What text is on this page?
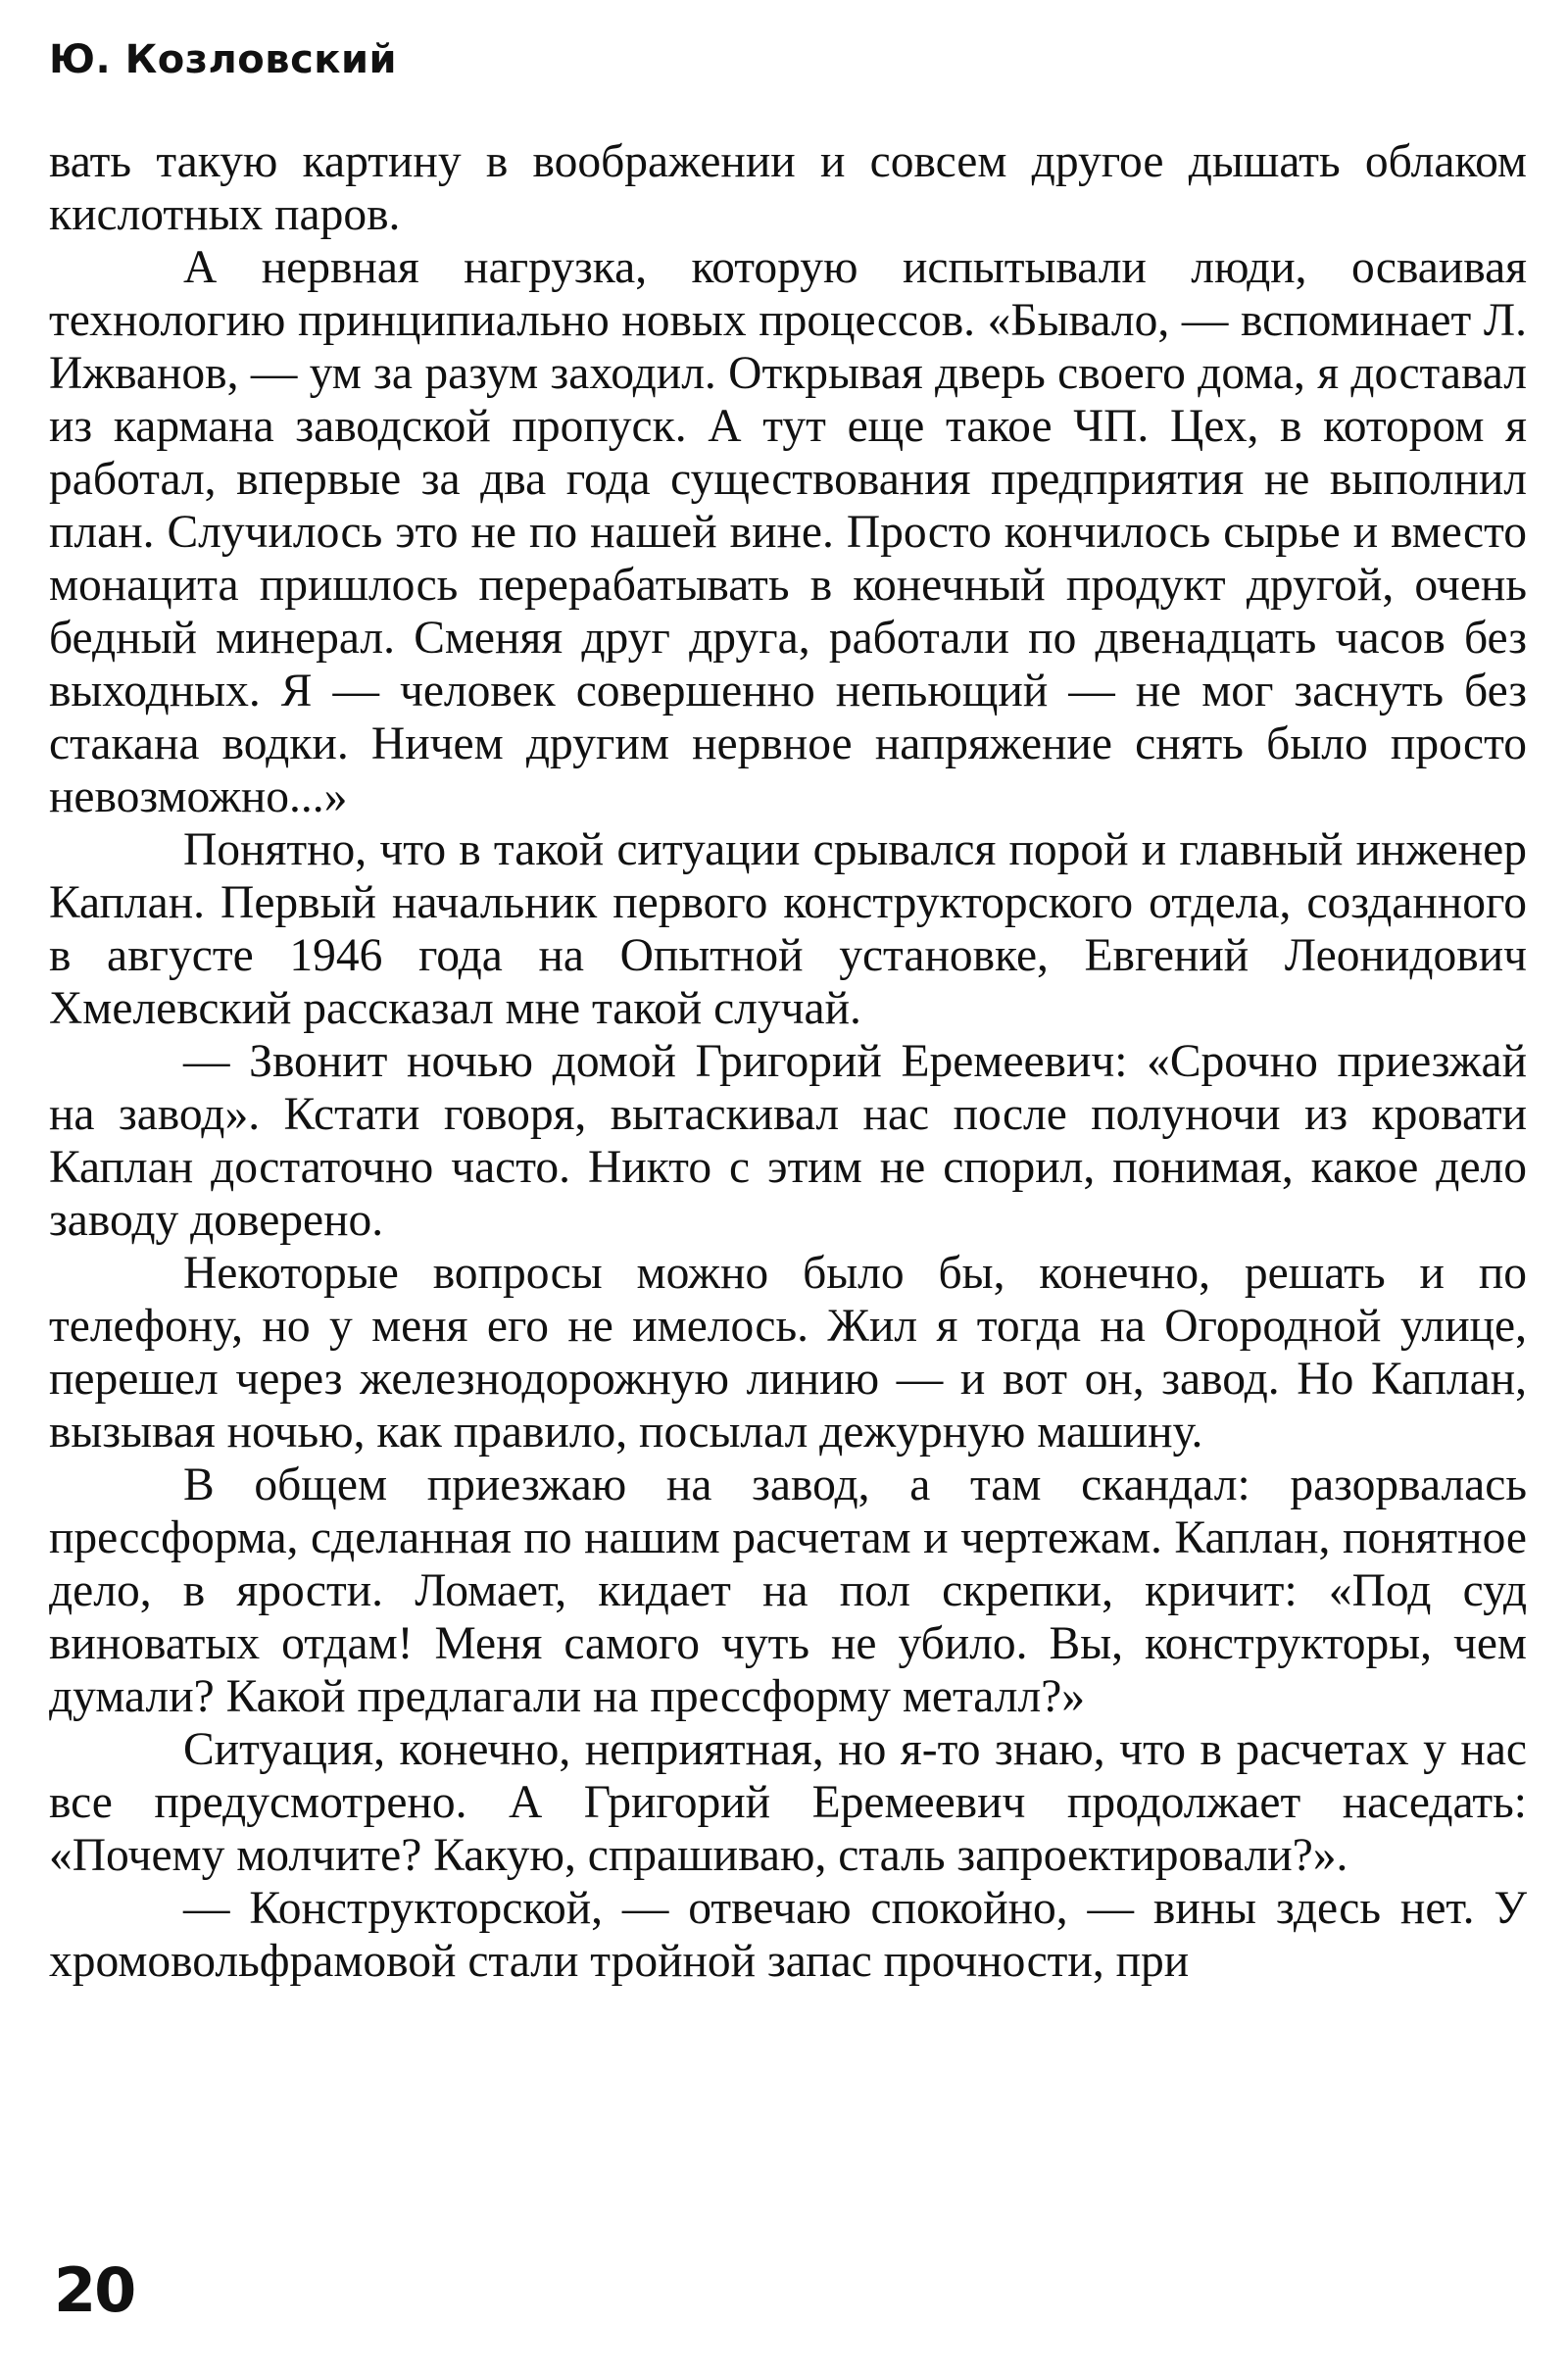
Ю. Козловский

вать такую картину в воображении и совсем другое дышать облаком кислотных паров.

А нервная нагрузка, которую испытывали люди, осваивая технологию принципиально новых процессов. «Бывало, — вспоминает Л. Ижванов, — ум за разум заходил. Открывая дверь своего дома, я доставал из кармана заводской пропуск. А тут еще такое ЧП. Цех, в котором я работал, впервые за два года существования предприятия не выполнил план. Случилось это не по нашей вине. Просто кончилось сырье и вместо монацита пришлось перерабатывать в конечный продукт другой, очень бедный минерал. Сменяя друг друга, работали по двенадцать часов без выходных. Я — человек совершенно непьющий — не мог заснуть без стакана водки. Ничем другим нервное напряжение снять было просто невозможно...»

Понятно, что в такой ситуации срывался порой и главный инженер Каплан. Первый начальник первого конструкторского отдела, созданного в августе 1946 года на Опытной установке, Евгений Леонидович Хмелевский рассказал мне такой случай.

— Звонит ночью домой Григорий Еремеевич: «Срочно приезжай на завод». Кстати говоря, вытаскивал нас после полуночи из кровати Каплан достаточно часто. Никто с этим не спорил, понимая, какое дело заводу доверено.

Некоторые вопросы можно было бы, конечно, решать и по телефону, но у меня его не имелось. Жил я тогда на Огородной улице, перешел через железнодорожную линию — и вот он, завод. Но Каплан, вызывая ночью, как правило, посылал дежурную машину.

В общем приезжаю на завод, а там скандал: разорвалась прессформа, сделанная по нашим расчетам и чертежам. Каплан, понятное дело, в ярости. Ломает, кидает на пол скрепки, кричит: «Под суд виноватых отдам! Меня самого чуть не убило. Вы, конструкторы, чем думали? Какой предлагали на прессформу металл?»

Ситуация, конечно, неприятная, но я-то знаю, что в расчетах у нас все предусмотрено. А Григорий Еремеевич продолжает наседать: «Почему молчите? Какую, спрашиваю, сталь запроектировали?».

— Конструкторской, — отвечаю спокойно, — вины здесь нет. У хромовольфрамовой стали тройной запас прочности, при

20
